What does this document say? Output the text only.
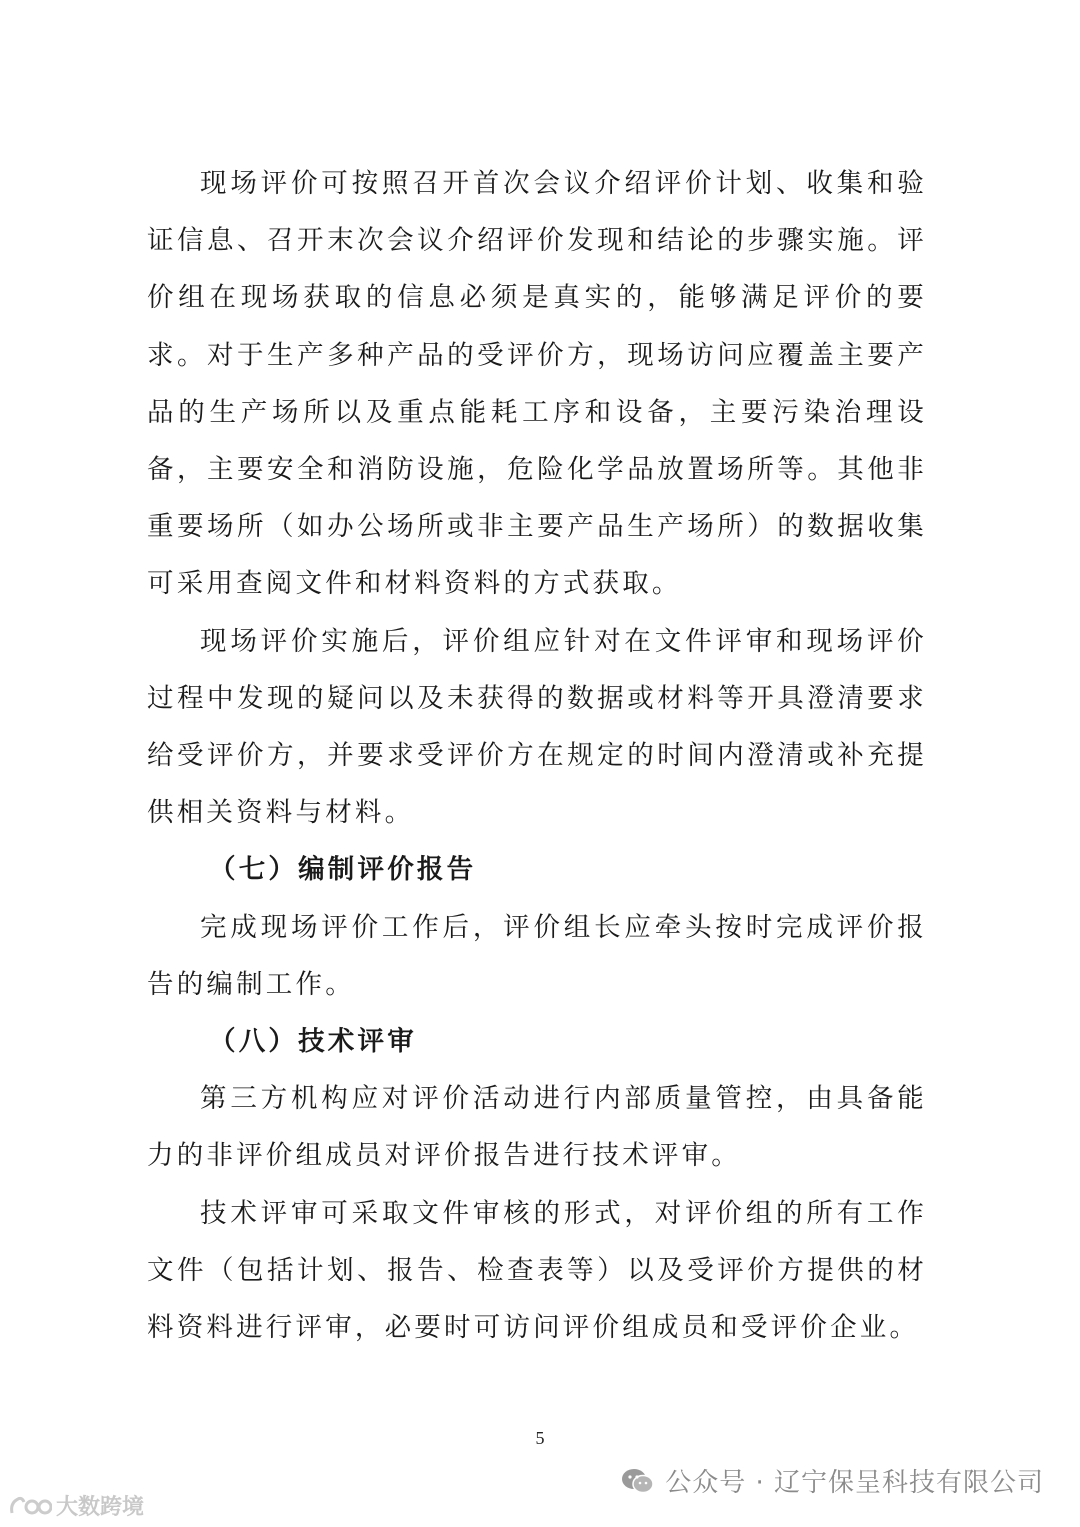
现场评价可按照召开首次会议介绍评价计划、收集和验证信息、召开末次会议介绍评价发现和结论的步骤实施。评价组在现场获取的信息必须是真实的，能够满足评价的要求。对于生产多种产品的受评价方，现场访问应覆盖主要产品的生产场所以及重点能耗工序和设备，主要污染治理设备，主要安全和消防设施，危险化学品放置场所等。其他非重要场所（如办公场所或非主要产品生产场所）的数据收集可采用查阅文件和材料资料的方式获取。

现场评价实施后，评价组应针对在文件评审和现场评价过程中发现的疑问以及未获得的数据或材料等开具澄清要求给受评价方，并要求受评价方在规定的时间内澄清或补充提供相关资料与材料。

（七）编制评价报告

完成现场评价工作后，评价组长应牵头按时完成评价报告的编制工作。

（八）技术评审

第三方机构应对评价活动进行内部质量管控，由具备能力的非评价组成员对评价报告进行技术评审。

技术评审可采取文件审核的形式，对评价组的所有工作文件（包括计划、报告、检查表等）以及受评价方提供的材料资料进行评审，必要时可访问评价组成员和受评价企业。

5
公众号 · 辽宁保呈科技有限公司
大数跨境
